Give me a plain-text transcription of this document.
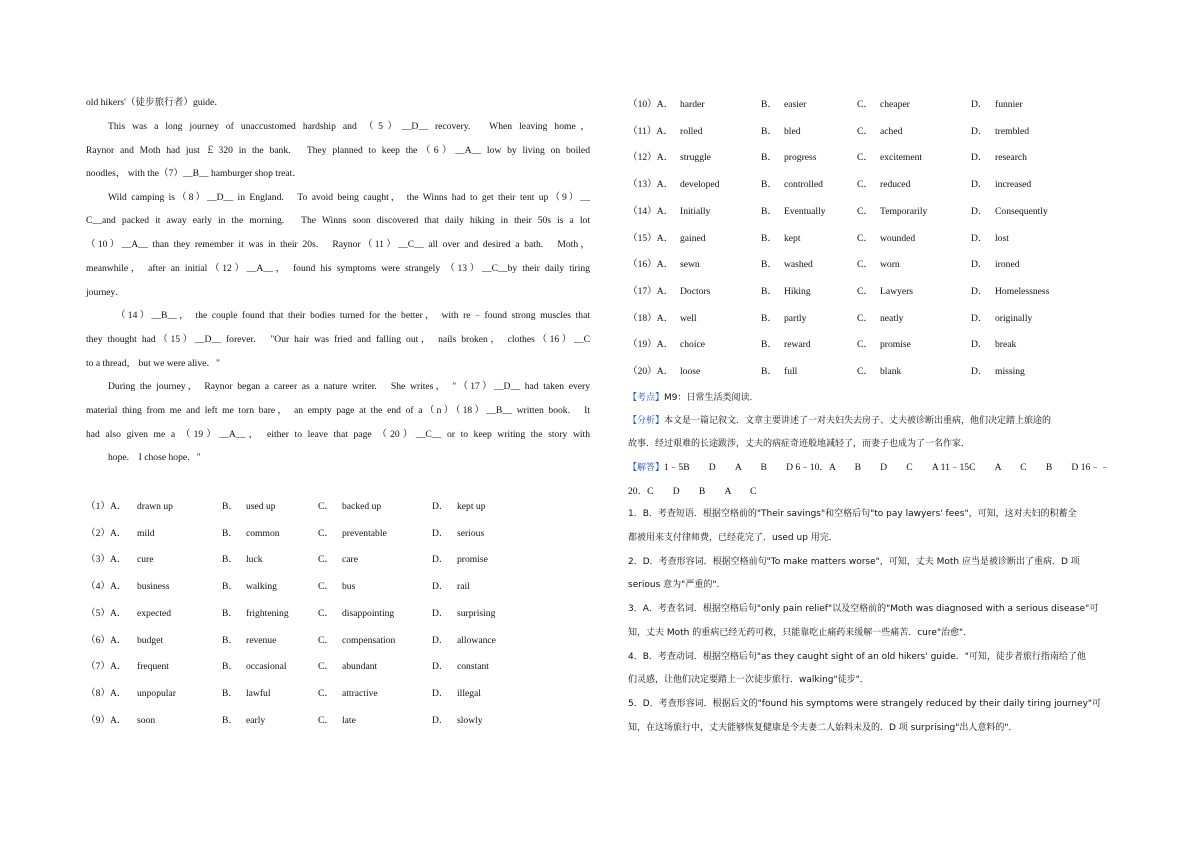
old hikers'（徒步旅行者）guide．
This was a long journey of unaccustomed hardship and （5）__D__ recovery.　When leaving home，
Raynor and Moth had just ￡320 in the bank.　They planned to keep the（6）__A__ low by living on boiled
noodles， with the（7）__B__ hamburger shop treat．
Wild camping is（8）__D__ in England.　To avoid being caught， the Winns had to get their tent up（9）__
C__and packed it away early in the morning.　The Winns soon discovered that daily hiking in their 50s is a lot
（10）__A__ than they remember it was in their 20s.　Raynor（11）__C__ all over and desired a bath.　Moth，
meanwhile， after an initial（12）__A__， found his symptoms were strangely （13）__C__by their daily tiring
journey．
（14）__B__， the couple found that their bodies turned for the better， with re﹣found strong muscles that
they thought had（15）__D__ forever.　"Our hair was fried and falling out， nails broken， clothes（16）__C
to a thread， but we were alive．"
During the journey， Raynor began a career as a nature writer.　She writes， "（17）__D__ had taken every
material thing from me and left me torn bare， an empty page at the end of a（n）（18）__B__ written book.　It
had also given me a （19）__A__， either to leave that page （20）__C__ or to keep writing the story with
hope.　I chose hope．"
（1）A． drawn up	B． used up	C． backed up	D． kept up
（2）A． mild	B． common	C． preventable	D． serious
（3）A． cure	B． luck	C． care	D． promise
（4）A． business	B． walking	C． bus	D． rail
（5）A． expected	B． frightening	C． disappointing	D． surprising
（6）A． budget	B． revenue	C． compensation	D． allowance
（7）A． frequent	B． occasional	C． abundant	D． constant
（8）A． unpopular	B． lawful	C． attractive	D． illegal
（9）A． soon	B． early	C． late	D． slowly
（10）A． harder	B． easier	C． cheaper	D． funnier
（11）A． rolled	B． bled	C． ached	D． trembled
（12）A． struggle	B． progress	C． excitement	D． research
（13）A． developed	B． controlled	C． reduced	D． increased
（14）A． Initially	B． Eventually	C． Temporarily	D． Consequently
（15）A． gained	B． kept	C． wounded	D． lost
（16）A． sewn	B． washed	C． worn	D． ironed
（17）A． Doctors	B． Hiking	C． Lawyers	D． Homelessness
（18）A． well	B． partly	C． neatly	D． originally
（19）A． choice	B． reward	C． promise	D． break
（20）A． loose	B． full	C． blank	D． missing
【考点】M9：日常生活类阅读．
【分析】本文是一篇记叙文．文章主要讲述了一对夫妇失去房子、丈夫被诊断出重病，他们决定踏上旅途的
故事．经过艰难的长途跋涉，丈夫的病症奇迹般地减轻了，而妻子也成为了一名作家．
【解答】1﹣5B　　D　　A　　B　　D 6﹣10．A　　B　　D　　C　　A 11﹣15C　　A　　C　　B　　D 16﹣﹣
20．C　　D　　B　　A　　C
1．B．考查短语．根据空格前的"Their savings"和空格后句"to pay lawyers' fees"，可知，这对夫妇的积蓄全
都被用来支付律师费，已经花完了．used up 用完．
2．D．考查形容词．根据空格前句"To make matters worse"，可知，丈夫 Moth 应当是被诊断出了重病．D 项
serious 意为"严重的"．
3．A．考查名词．根据空格后句"only pain relief"以及空格前的"Moth was diagnosed with a serious disease"可
知，丈夫 Moth 的重病已经无药可救，只能靠吃止痛药来缓解一些痛苦．cure"治愈"．
4．B．考查动词．根据空格后句"as they caught sight of an old hikers' guide．"可知，徒步者旅行指南给了他
们灵感，让他们决定要踏上一次徒步旅行．walking"徒步"．
5．D．考查形容词．根据后文的"found his symptoms were strangely reduced by their daily tiring journey"可
知，在这场旅行中，丈夫能够恢复健康是令夫妻二人始料未及的．D 项 surprising"出人意料的"．
